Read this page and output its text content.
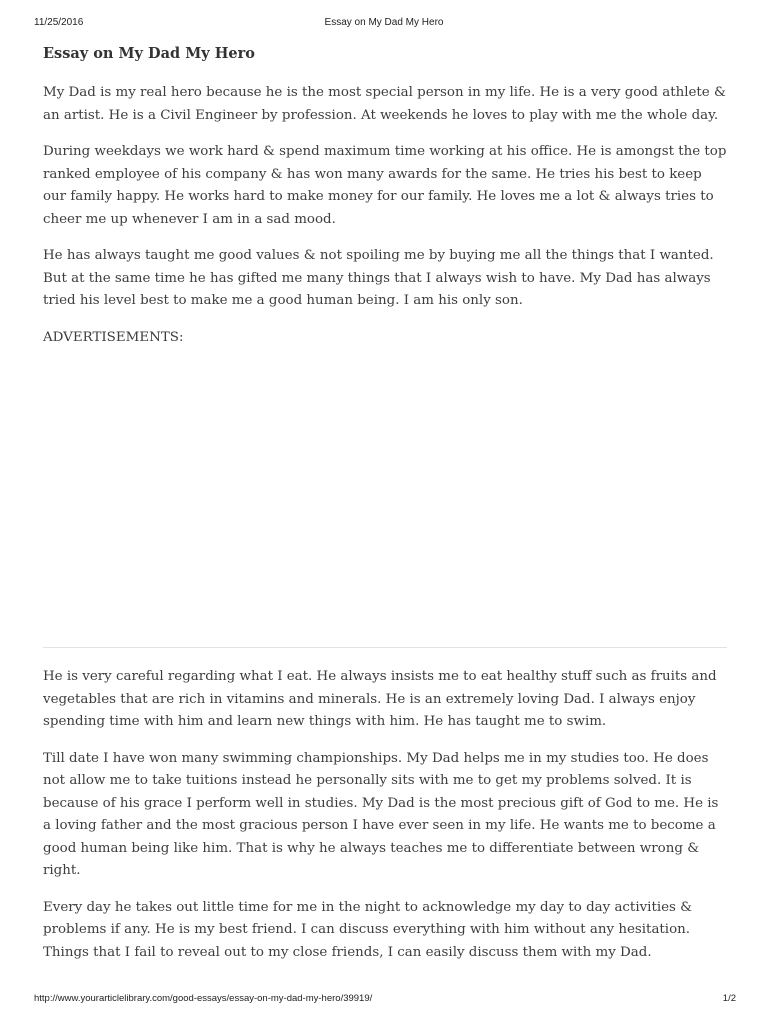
11/25/2016	Essay on My Dad My Hero
Essay on My Dad My Hero

My Dad is my real hero because he is the most special person in my life. He is a very good athlete & an artist. He is a Civil Engineer by profession. At weekends he loves to play with me the whole day.

During weekdays we work hard & spend maximum time working at his office. He is amongst the top ranked employee of his company & has won many awards for the same. He tries his best to keep our family happy. He works hard to make money for our family. He loves me a lot & always tries to cheer me up whenever I am in a sad mood.

He has always taught me good values & not spoiling me by buying me all the things that I wanted. But at the same time he has gifted me many things that I always wish to have. My Dad has always tried his level best to make me a good human being. I am his only son.

ADVERTISEMENTS:

He is very careful regarding what I eat. He always insists me to eat healthy stuff such as fruits and vegetables that are rich in vitamins and minerals. He is an extremely loving Dad. I always enjoy spending time with him and learn new things with him. He has taught me to swim.

Till date I have won many swimming championships. My Dad helps me in my studies too. He does not allow me to take tuitions instead he personally sits with me to get my problems solved. It is because of his grace I perform well in studies. My Dad is the most precious gift of God to me. He is a loving father and the most gracious person I have ever seen in my life. He wants me to become a good human being like him. That is why he always teaches me to differentiate between wrong & right.

Every day he takes out little time for me in the night to acknowledge my day to day activities & problems if any. He is my best friend. I can discuss everything with him without any hesitation. Things that I fail to reveal out to my close friends, I can easily discuss them with my Dad.

http://www.yourarticlelibrary.com/good-essays/essay-on-my-dad-my-hero/39919/	1/2
